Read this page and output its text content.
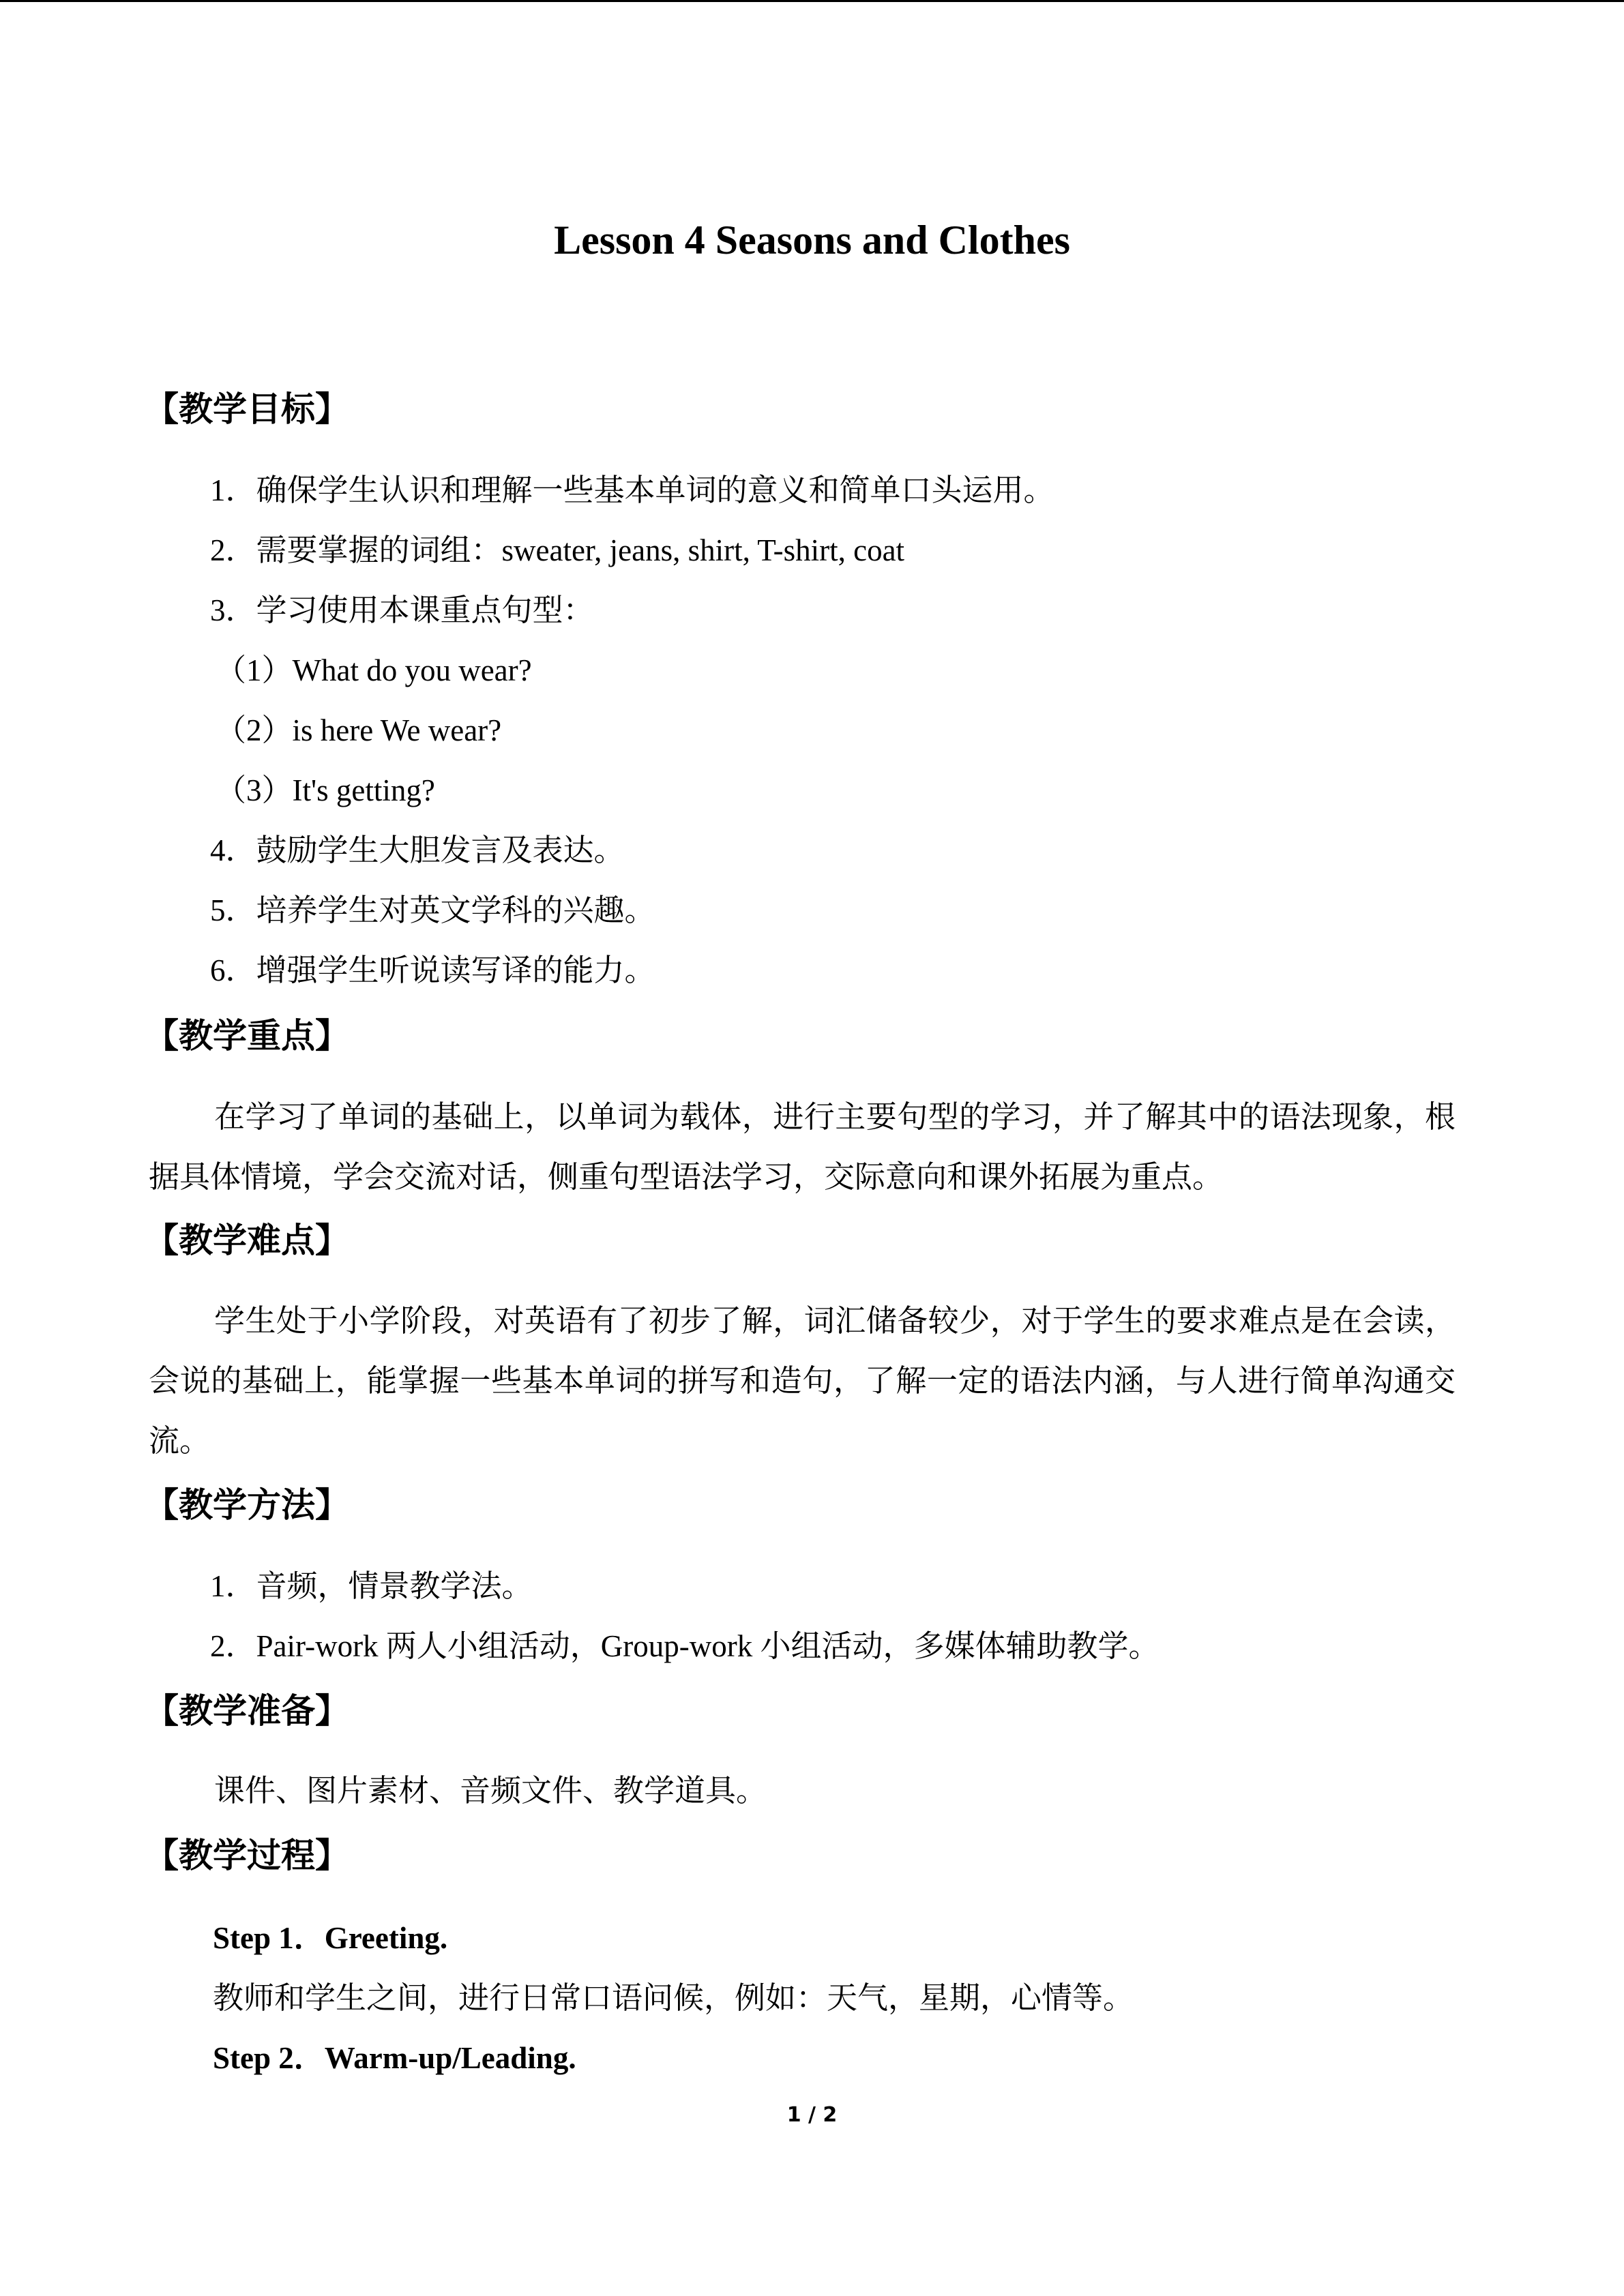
Lesson 4 Seasons and Clothes
【教学目标】
1．确保学生认识和理解一些基本单词的意义和简单口头运用。
2．需要掌握的词组：sweater, jeans, shirt, T-shirt, coat
3．学习使用本课重点句型：
（1）What do you wear?
（2）is here We wear?
（3）It's getting?
4．鼓励学生大胆发言及表达。
5．培养学生对英文学科的兴趣。
6．增强学生听说读写译的能力。
【教学重点】

在学习了单词的基础上，以单词为载体，进行主要句型的学习，并了解其中的语法现象，根据具体情境，学会交流对话，侧重句型语法学习，交际意向和课外拓展为重点。

【教学难点】

学生处于小学阶段，对英语有了初步了解，词汇储备较少，对于学生的要求难点是在会读，会说的基础上，能掌握一些基本单词的拼写和造句，了解一定的语法内涵，与人进行简单沟通交流。

【教学方法】
1．音频，情景教学法。
2．Pair-work 两人小组活动，Group-work 小组活动，多媒体辅助教学。
【教学准备】
课件、图片素材、音频文件、教学道具。
【教学过程】
Step 1．Greeting.
教师和学生之间，进行日常口语问候，例如：天气，星期，心情等。
Step 2．Warm-up/Leading.
1 / 2
